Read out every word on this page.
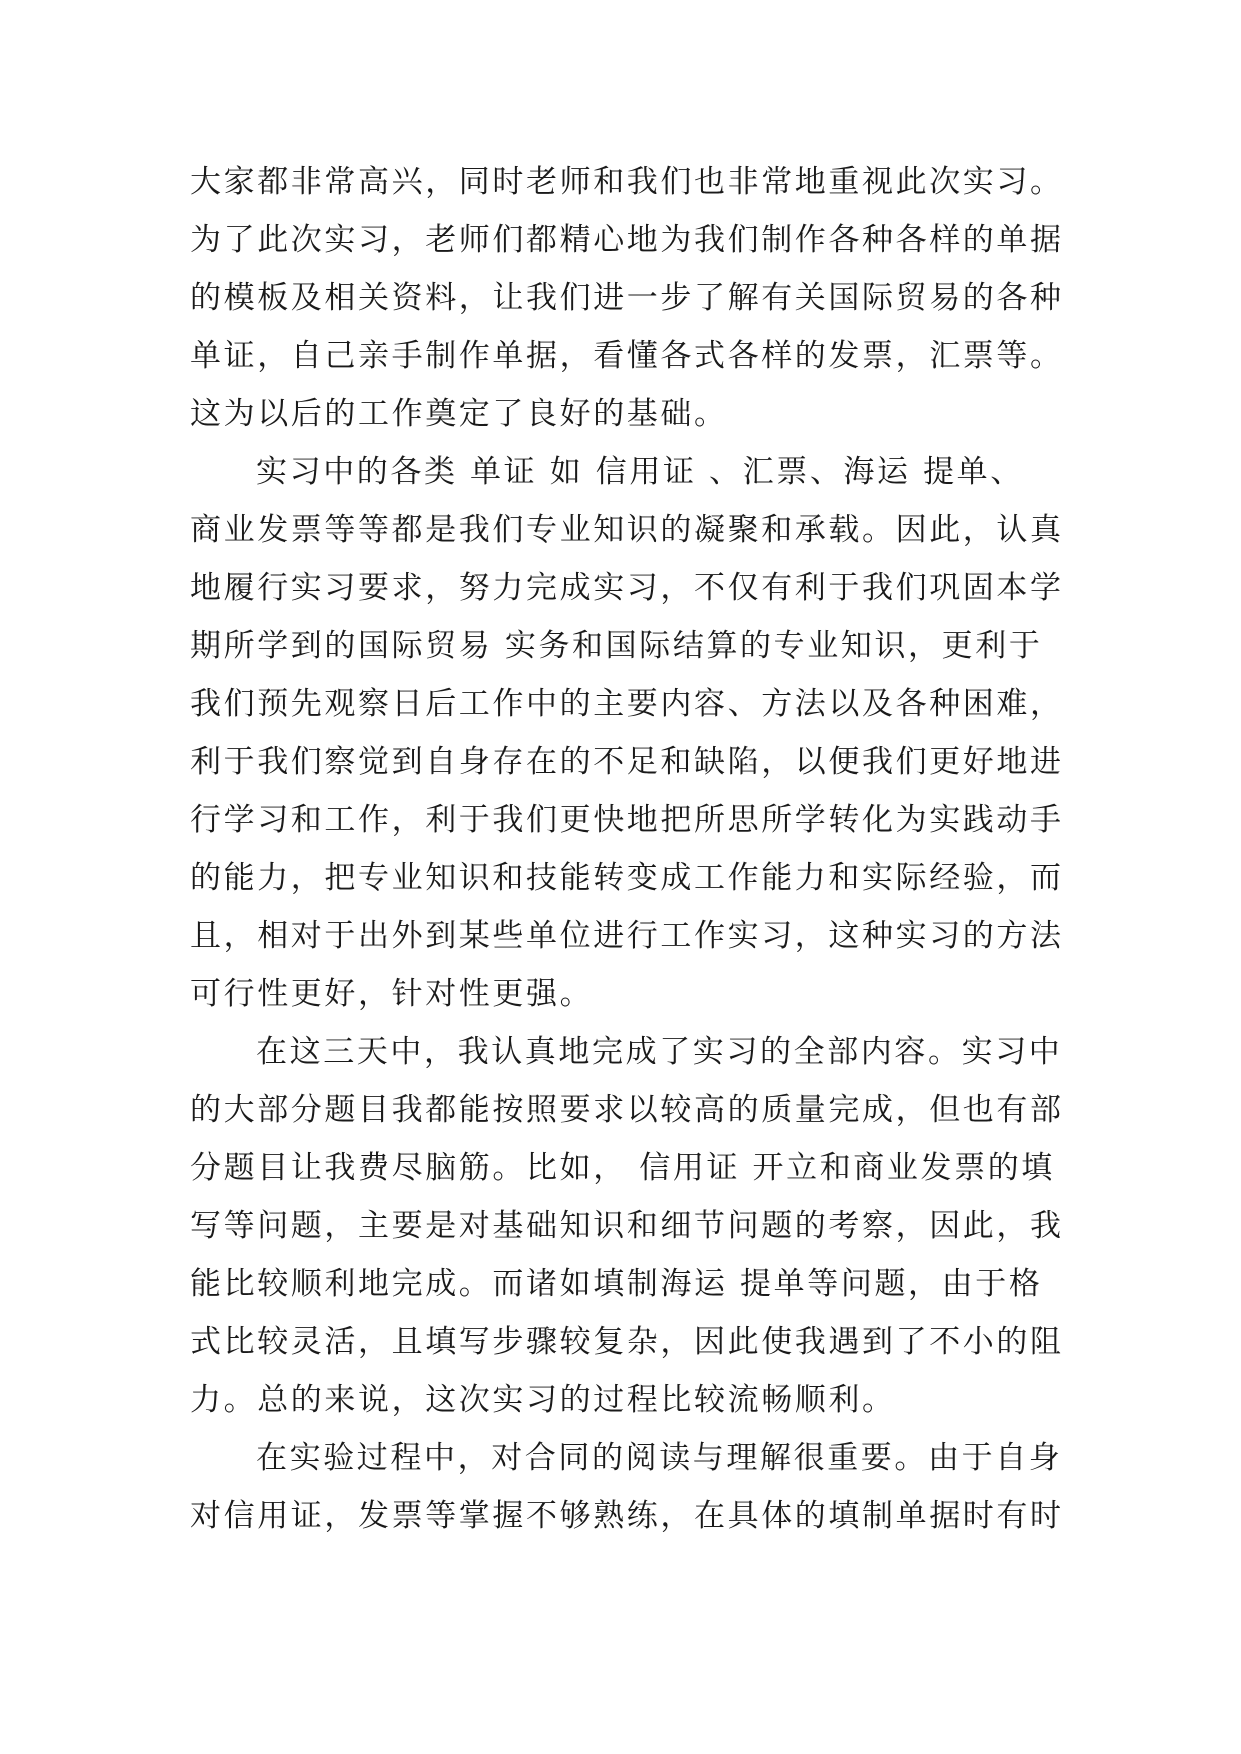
大家都非常高兴，同时老师和我们也非常地重视此次实习。
为了此次实习，老师们都精心地为我们制作各种各样的单据
的模板及相关资料，让我们进一步了解有关国际贸易的各种
单证，自己亲手制作单据，看懂各式各样的发票，汇票等。
这为以后的工作奠定了良好的基础。
实习中的各类 单证 如 信用证 、汇票、海运 提单、
商业发票等等都是我们专业知识的凝聚和承载。因此，认真
地履行实习要求，努力完成实习，不仅有利于我们巩固本学
期所学到的国际贸易 实务和国际结算的专业知识，更利于
我们预先观察日后工作中的主要内容、方法以及各种困难，
利于我们察觉到自身存在的不足和缺陷，以便我们更好地进
行学习和工作，利于我们更快地把所思所学转化为实践动手
的能力，把专业知识和技能转变成工作能力和实际经验，而
且，相对于出外到某些单位进行工作实习，这种实习的方法
可行性更好，针对性更强。
在这三天中，我认真地完成了实习的全部内容。实习中
的大部分题目我都能按照要求以较高的质量完成，但也有部
分题目让我费尽脑筋。比如， 信用证 开立和商业发票的填
写等问题，主要是对基础知识和细节问题的考察，因此，我
能比较顺利地完成。而诸如填制海运 提单等问题，由于格
式比较灵活，且填写步骤较复杂，因此使我遇到了不小的阻
力。总的来说，这次实习的过程比较流畅顺利。
在实验过程中，对合同的阅读与理解很重要。由于自身
对信用证，发票等掌握不够熟练，在具体的填制单据时有时
